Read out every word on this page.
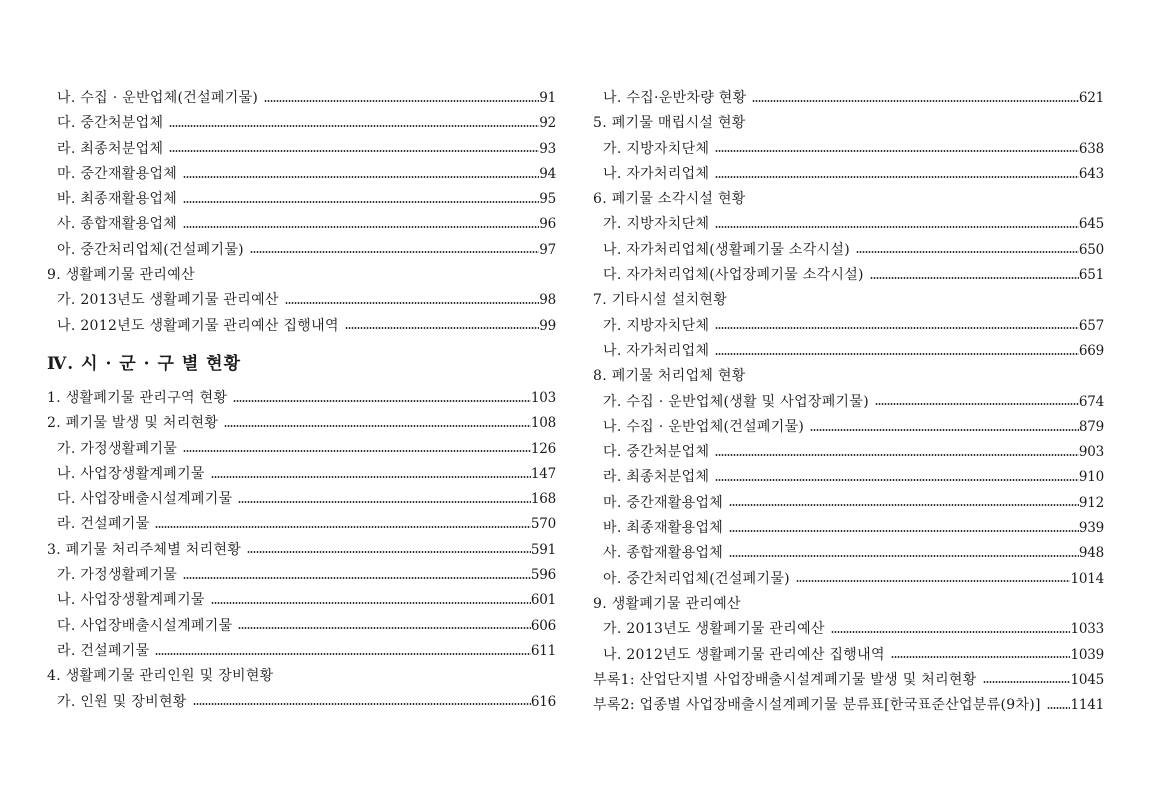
나. 수집 · 운반업체(건설폐기물)	91
다. 중간처분업체	92
라. 최종처분업체	93
마. 중간재활용업체	94
바. 최종재활용업체	95
사. 종합재활용업체	96
아. 중간처리업체(건설폐기물)	97
9. 생활폐기물 관리예산
가. 2013년도 생활폐기물 관리예산	98
나. 2012년도 생활폐기물 관리예산 집행내역	99
Ⅳ. 시 · 군 · 구 별 현황
1. 생활폐기물 관리구역 현황	103
2. 폐기물 발생 및 처리현황	108
가. 가정생활폐기물	126
나. 사업장생활계폐기물	147
다. 사업장배출시설계폐기물	168
라. 건설폐기물	570
3. 폐기물 처리주체별 처리현황	591
가. 가정생활폐기물	596
나. 사업장생활계폐기물	601
다. 사업장배출시설계폐기물	606
라. 건설폐기물	611
4. 생활폐기물 관리인원 및 장비현황
가. 인원 및 장비현황	616
나. 수집·운반차량 현황	621
5. 폐기물 매립시설 현황
가. 지방자치단체	638
나. 자가처리업체	643
6. 폐기물 소각시설 현황
가. 지방자치단체	645
나. 자가처리업체(생활폐기물 소각시설)	650
다. 자가처리업체(사업장폐기물 소각시설)	651
7. 기타시설 설치현황
가. 지방자치단체	657
나. 자가처리업체	669
8. 폐기물 처리업체 현황
가. 수집 · 운반업체(생활 및 사업장폐기물)	674
나. 수집 · 운반업체(건설폐기물)	879
다. 중간처분업체	903
라. 최종처분업체	910
마. 중간재활용업체	912
바. 최종재활용업체	939
사. 종합재활용업체	948
아. 중간처리업체(건설폐기물)	1014
9. 생활폐기물 관리예산
가. 2013년도 생활폐기물 관리예산	1033
나. 2012년도 생활폐기물 관리예산 집행내역	1039
부록1: 산업단지별 사업장배출시설계폐기물 발생 및 처리현황	1045
부록2: 업종별 사업장배출시설계폐기물 분류표[한국표준산업분류(9차)]	1141
